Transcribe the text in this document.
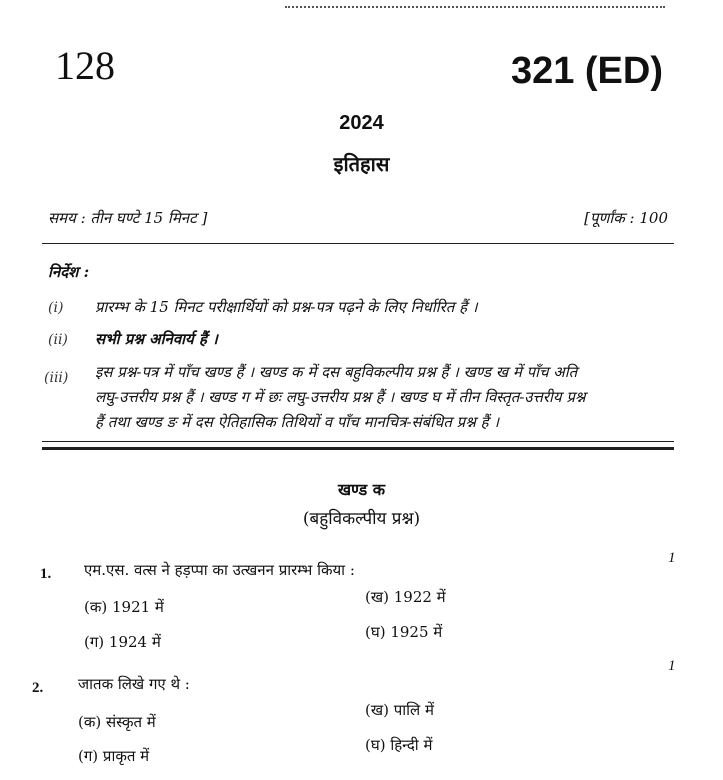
128	321 (ED)
2024
इतिहास
समय : तीन घण्टे 15 मिनट ]	[पूर्णांक : 100
निर्देश :
(i) प्रारम्भ के 15 मिनट परीक्षार्थियों को प्रश्न-पत्र पढ़ने के लिए निर्धारित हैं ।
(ii) सभी प्रश्न अनिवार्य हैं ।
(iii) इस प्रश्न-पत्र में पाँच खण्ड हैं । खण्ड क में दस बहुविकल्पीय प्रश्न हैं । खण्ड ख में पाँच अति
लघु-उत्तरीय प्रश्न हैं । खण्ड ग में छः लघु-उत्तरीय प्रश्न हैं । खण्ड घ में तीन विस्तृत-उत्तरीय प्रश्न
हैं तथा खण्ड ङ में दस ऐतिहासिक तिथियों व पाँच मानचित्र-संबंधित प्रश्न हैं ।
खण्ड क
(बहुविकल्पीय प्रश्न)
1. एम.एस. वत्स ने हड़प्पा का उत्खनन प्रारम्भ किया :
1
(क) 1921 में
(ख) 1922 में
(ग) 1924 में
(घ) 1925 में
2. जातक लिखे गए थे :
1
(क) संस्कृत में
(ख) पालि में
(ग) प्राकृत में
(घ) हिन्दी में
